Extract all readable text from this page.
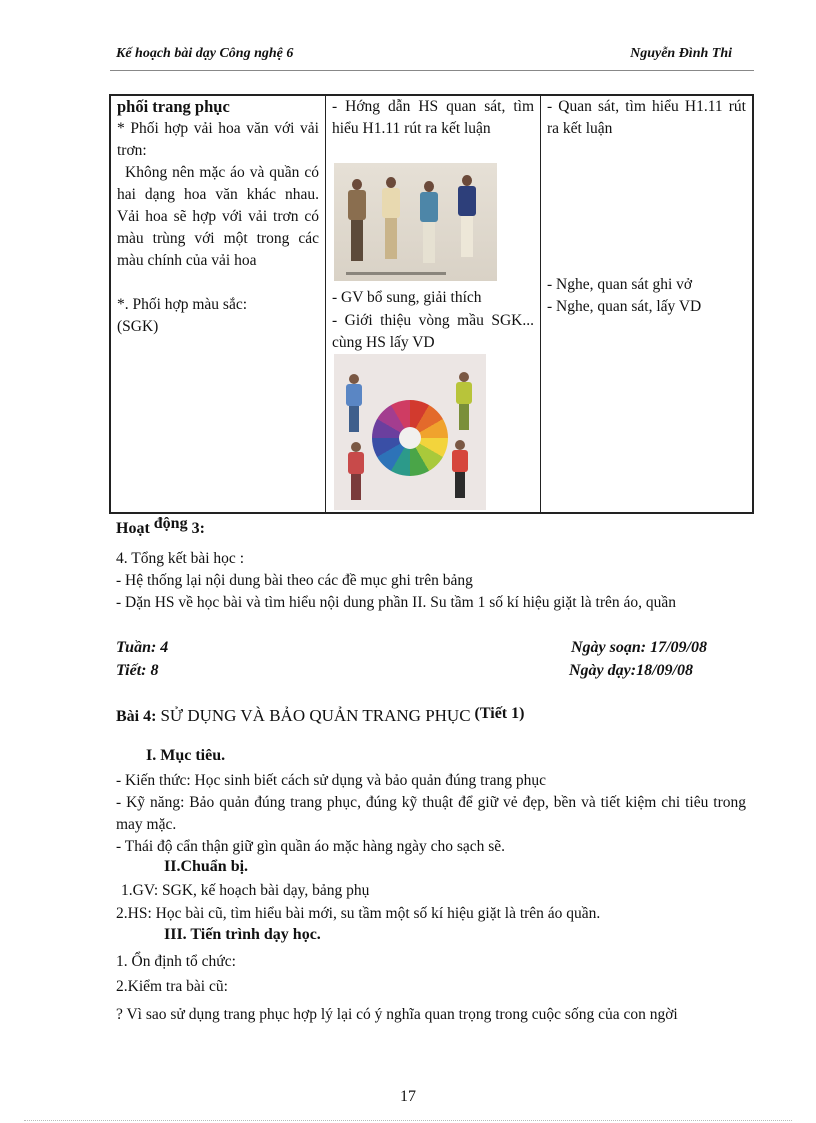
Kế hoạch bài dạy Công nghệ 6	Nguyễn Đình Thi

phối trang phục

* Phối hợp vải hoa văn với vải trơn:

Không nên mặc áo và quần có hai dạng hoa văn khác nhau. Vải hoa sẽ hợp với vải trơn có màu trùng với một trong các màu chính của vải hoa

*. Phối hợp màu sắc:

(SGK)

- Hớng dẫn HS quan sát, tìm hiểu H1.11 rút ra kết luận

- GV bổ sung, giải thích

- Giới thiệu vòng mầu SGK... cùng HS lấy VD

- Quan sát, tìm hiểu H1.11 rút ra kết luận

- Nghe, quan sát ghi vở

- Nghe, quan sát, lấy VD

Hoạt động 3:

4. Tổng kết bài học :

- Hệ thống lại nội dung bài theo các đề mục ghi trên bảng

- Dặn HS về học bài và tìm hiểu nội dung phần II. Su tầm 1 số kí hiệu giặt là trên áo, quần

Tuần: 4
Tiết: 8
Ngày soạn: 17/09/08
Ngày dạy:18/09/08
Bài 4: SỬ DỤNG VÀ BẢO QUẢN TRANG PHỤC (Tiết 1)
I. Mục tiêu.

- Kiến thức: Học sinh biết cách sử dụng và bảo quản đúng trang phục

- Kỹ năng: Bảo quản đúng trang phục, đúng kỹ thuật để giữ vẻ đẹp, bền và tiết kiệm chi tiêu trong may mặc.

- Thái độ cẩn thận giữ gìn quần áo mặc hàng ngày cho sạch sẽ.

II.Chuẩn bị.
1.GV: SGK, kế hoạch bài dạy, bảng phụ
2.HS: Học bài cũ, tìm hiểu bài mới, su tầm một số kí hiệu giặt là trên áo quần.
III. Tiến trình dạy học.
1. Ổn định tổ chức:
2.Kiểm tra bài cũ:
? Vì sao sử dụng trang phục hợp lý lại có ý nghĩa quan trọng trong cuộc sống của con ngời
17
